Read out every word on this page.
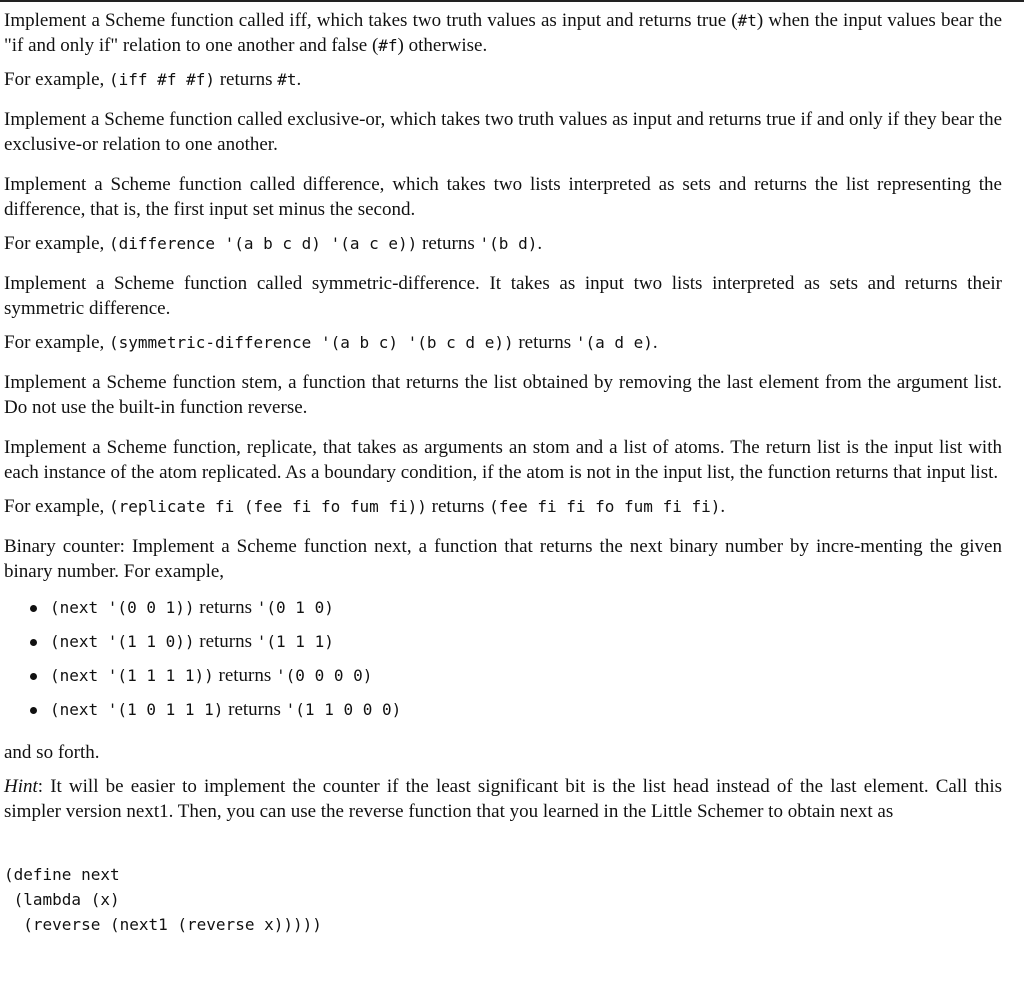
Implement a Scheme function called iff, which takes two truth values as input and returns true (#t) when the input values bear the "if and only if" relation to one another and false (#f) otherwise.

For example, (iff #f #f) returns #t.

Implement a Scheme function called exclusive-or, which takes two truth values as input and returns true if and only if they bear the exclusive-or relation to one another.

Implement a Scheme function called difference, which takes two lists interpreted as sets and returns the list representing the difference, that is, the first input set minus the second.

For example, (difference '(a b c d) '(a c e)) returns '(b d).

Implement a Scheme function called symmetric-difference. It takes as input two lists interpreted as sets and returns their symmetric difference.

For example, (symmetric-difference '(a b c) '(b c d e)) returns '(a d e).

Implement a Scheme function stem, a function that returns the list obtained by removing the last element from the argument list. Do not use the built-in function reverse.

Implement a Scheme function, replicate, that takes as arguments an stom and a list of atoms. The return list is the input list with each instance of the atom replicated. As a boundary condition, if the atom is not in the input list, the function returns that input list.

For example, (replicate fi (fee fi fo fum fi)) returns (fee fi fi fo fum fi fi).

Binary counter: Implement a Scheme function next, a function that returns the next binary number by incre-menting the given binary number. For example,

(next '(0 0 1)) returns '(0 1 0)
(next '(1 1 0)) returns '(1 1 1)
(next '(1 1 1 1)) returns '(0 0 0 0)
(next '(1 0 1 1 1) returns '(1 1 0 0 0)

and so forth.

Hint: It will be easier to implement the counter if the least significant bit is the list head instead of the last element. Call this simpler version next1. Then, you can use the reverse function that you learned in the Little Schemer to obtain next as

(define next
(lambda (x)
(reverse (next1 (reverse x)))))
